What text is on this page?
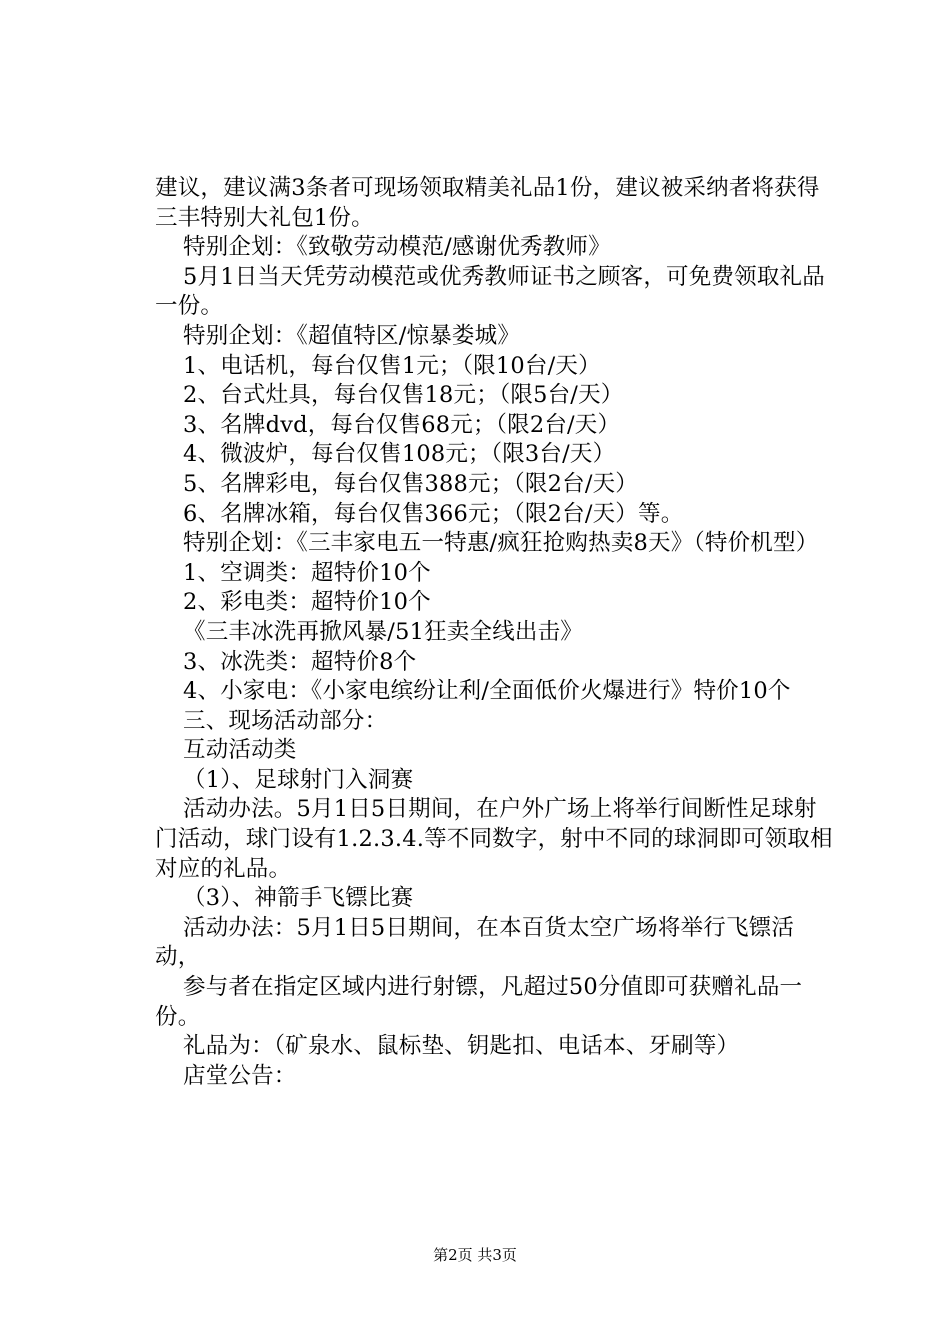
建议，建议满3条者可现场领取精美礼品1份，建议被采纳者将获得三丰特别大礼包1份。

特别企划：《致敬劳动模范/感谢优秀教师》

5月1日当天凭劳动模范或优秀教师证书之顾客，可免费领取礼品一份。

特别企划：《超值特区/惊暴娄城》

1、电话机，每台仅售1元；（限10台/天）

2、台式灶具，每台仅售18元；（限5台/天）

3、名牌dvd，每台仅售68元；（限2台/天）

4、微波炉，每台仅售108元；（限3台/天）

5、名牌彩电，每台仅售388元；（限2台/天）

6、名牌冰箱，每台仅售366元；（限2台/天）等。

特别企划：《三丰家电五一特惠/疯狂抢购热卖8天》（特价机型）

1、空调类：超特价10个

2、彩电类：超特价10个

《三丰冰洗再掀风暴/51狂卖全线出击》

3、冰洗类：超特价8个

4、小家电：《小家电缤纷让利/全面低价火爆进行》特价10个

三、现场活动部分：

互动活动类

（1）、足球射门入洞赛

活动办法。5月1日5日期间，在户外广场上将举行间断性足球射门活动，球门设有1.2.3.4.等不同数字，射中不同的球洞即可领取相对应的礼品。

（3）、神箭手飞镖比赛

活动办法：5月1日5日期间，在本百货太空广场将举行飞镖活动，

参与者在指定区域内进行射镖，凡超过50分值即可获赠礼品一份。

礼品为：（矿泉水、鼠标垫、钥匙扣、电话本、牙刷等）

店堂公告：

第2页 共3页
